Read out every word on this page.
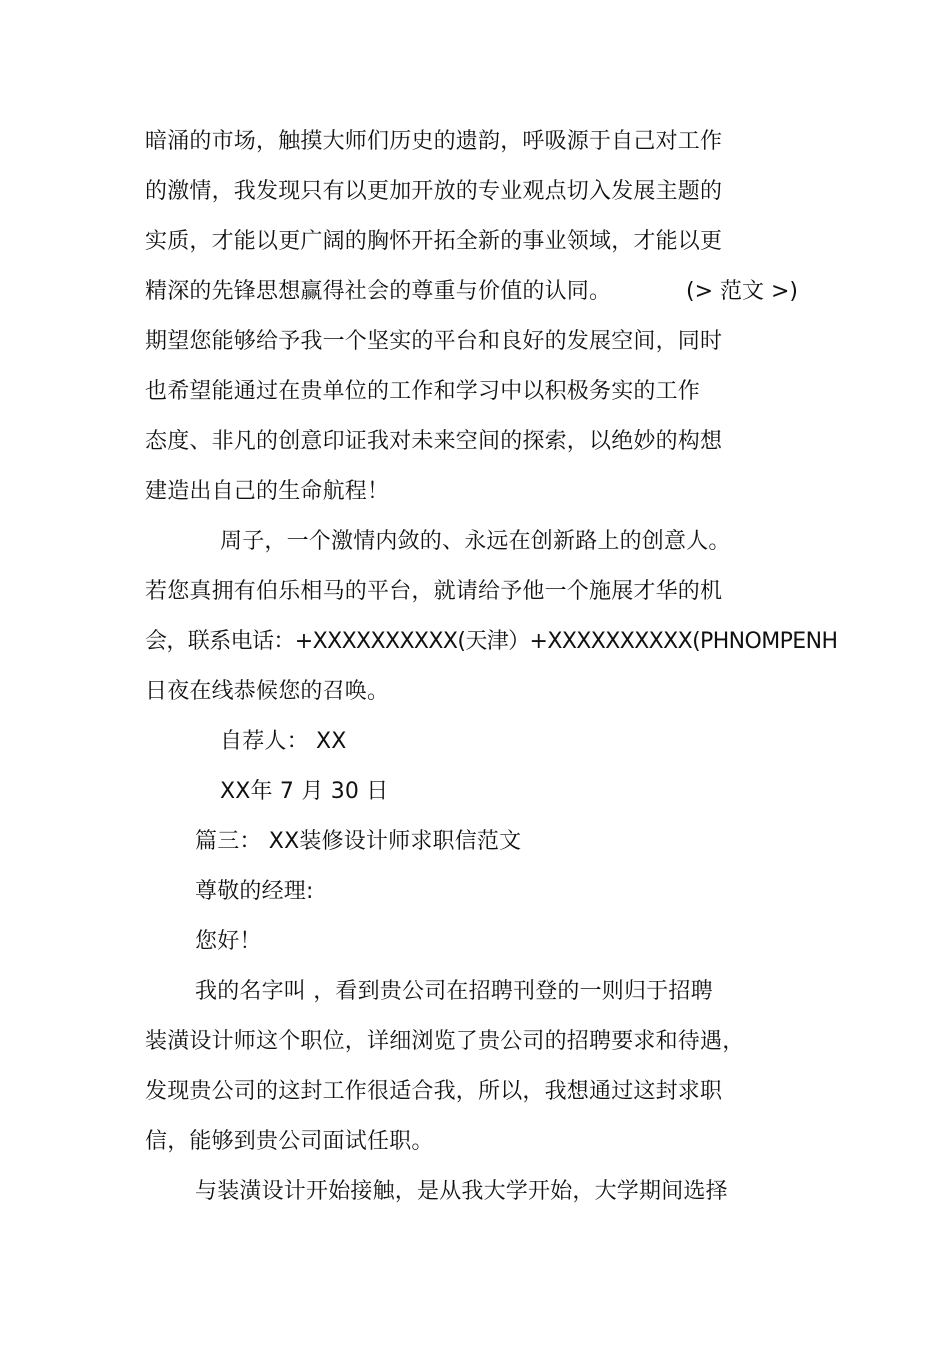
暗涌的市场，触摸大师们历史的遗韵，呼吸源于自己对工作
的激情，我发现只有以更加开放的专业观点切入发展主题的
实质，才能以更广阔的胸怀开拓全新的事业领域，才能以更
精深的先锋思想赢得社会的尊重与价值的认同。	(> 范文 >)
期望您能够给予我一个坚实的平台和良好的发展空间，同时
也希望能通过在贵单位的工作和学习中以积极务实的工作
态度、非凡的创意印证我对未来空间的探索，以绝妙的构想
建造出自己的生命航程！
周子，一个激情内敛的、永远在创新路上的创意人。
若您真拥有伯乐相马的平台，就请给予他一个施展才华的机
会，联系电话：+XXXXXXXXXX(天津）+XXXXXXXXXX(PHNOMPENH
日夜在线恭候您的召唤。
自荐人： XX
XX年 7 月 30 日
篇三： XX装修设计师求职信范文
尊敬的经理:
您好！
我的名字叫 ，看到贵公司在招聘刊登的一则归于招聘
装潢设计师这个职位，详细浏览了贵公司的招聘要求和待遇，
发现贵公司的这封工作很适合我，所以，我想通过这封求职
信，能够到贵公司面试任职。
与装潢设计开始接触，是从我大学开始，大学期间选择
